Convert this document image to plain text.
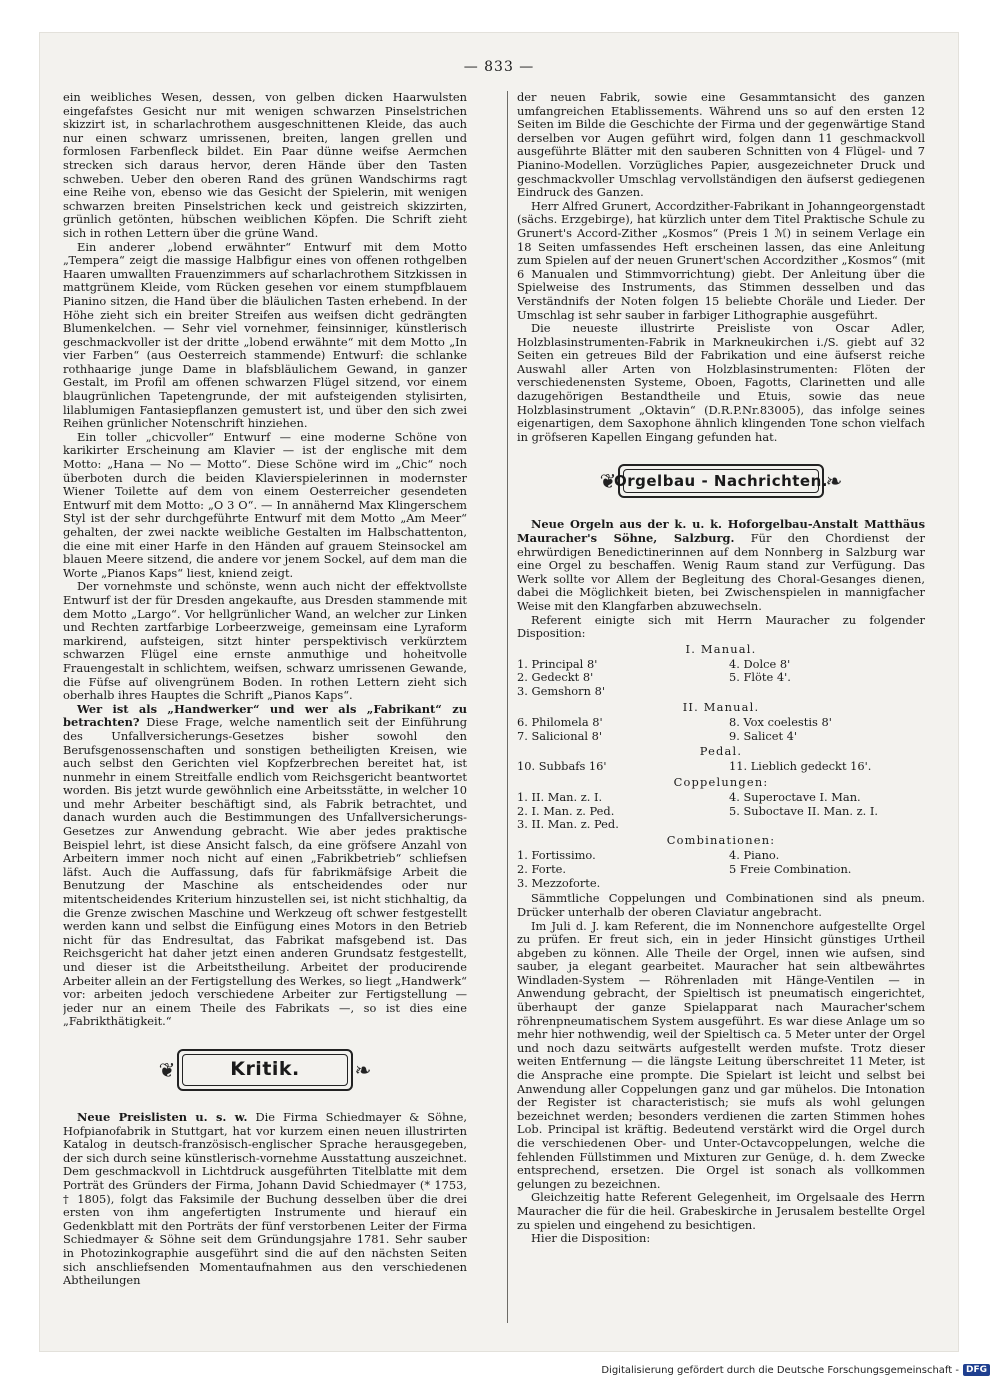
— 833 —

ein weibliches Wesen, dessen, von gelben dicken Haarwulsten eingefafstes Gesicht nur mit wenigen schwarzen Pinselstrichen skizzirt ist, in scharlachrothem ausgeschnittenen Kleide, das auch nur einen schwarz umrissenen, breiten, langen grellen und formlosen Farbenfleck bildet. Ein Paar dünne weifse Aermchen strecken sich daraus hervor, deren Hände über den Tasten schweben. Ueber den oberen Rand des grünen Wandschirms ragt eine Reihe von, ebenso wie das Gesicht der Spielerin, mit wenigen schwarzen breiten Pinselstrichen keck und geistreich skizzirten, grünlich getönten, hübschen weiblichen Köpfen. Die Schrift zieht sich in rothen Lettern über die grüne Wand.

Ein anderer „lobend erwähnter“ Entwurf mit dem Motto „Tempera“ zeigt die massige Halbfigur eines von offenen rothgelben Haaren umwallten Frauenzimmers auf scharlachrothem Sitzkissen in mattgrünem Kleide, vom Rücken gesehen vor einem stumpfblauem Pianino sitzen, die Hand über die bläulichen Tasten erhebend. In der Höhe zieht sich ein breiter Streifen aus weifsen dicht gedrängten Blumenkelchen. — Sehr viel vornehmer, feinsinniger, künstlerisch geschmackvoller ist der dritte „lobend erwähnte“ mit dem Motto „In vier Farben“ (aus Oesterreich stammende) Entwurf: die schlanke rothhaarige junge Dame in blafsbläulichem Gewand, in ganzer Gestalt, im Profil am offenen schwarzen Flügel sitzend, vor einem blaugrünlichen Tapetengrunde, der mit aufsteigenden stylisirten, lilablumigen Fantasiepflanzen gemustert ist, und über den sich zwei Reihen grünlicher Notenschrift hinziehen.

Ein toller „chicvoller“ Entwurf — eine moderne Schöne von karikirter Erscheinung am Klavier — ist der englische mit dem Motto: „Hana — No — Motto“. Diese Schöne wird im „Chic“ noch überboten durch die beiden Klavierspielerinnen in modernster Wiener Toilette auf dem von einem Oesterreicher gesendeten Entwurf mit dem Motto: „O 3 O“. — In annähernd Max Klingerschem Styl ist der sehr durchgeführte Entwurf mit dem Motto „Am Meer“ gehalten, der zwei nackte weibliche Gestalten im Halbschattenton, die eine mit einer Harfe in den Händen auf grauem Steinsockel am blauen Meere sitzend, die andere vor jenem Sockel, auf dem man die Worte „Pianos Kaps“ liest, kniend zeigt.

Der vornehmste und schönste, wenn auch nicht der effektvollste Entwurf ist der für Dresden angekaufte, aus Dresden stammende mit dem Motto „Largo“. Vor hellgrünlicher Wand, an welcher zur Linken und Rechten zartfarbige Lorbeerzweige, gemeinsam eine Lyraform markirend, aufsteigen, sitzt hinter perspektivisch verkürztem schwarzen Flügel eine ernste anmuthige und hoheitvolle Frauengestalt in schlichtem, weifsen, schwarz umrissenen Gewande, die Füfse auf olivengrünem Boden. In rothen Lettern zieht sich oberhalb ihres Hauptes die Schrift „Pianos Kaps“.

Wer ist als „Handwerker“ und wer als „Fabrikant“ zu betrachten? Diese Frage, welche namentlich seit der Einführung des Unfallversicherungs-Gesetzes bisher sowohl den Berufsgenossenschaften und sonstigen betheiligten Kreisen, wie auch selbst den Gerichten viel Kopfzerbrechen bereitet hat, ist nunmehr in einem Streitfalle endlich vom Reichsgericht beantwortet worden. Bis jetzt wurde gewöhnlich eine Arbeitsstätte, in welcher 10 und mehr Arbeiter beschäftigt sind, als Fabrik betrachtet, und danach wurden auch die Bestimmungen des Unfallversicherungs-Gesetzes zur Anwendung gebracht. Wie aber jedes praktische Beispiel lehrt, ist diese Ansicht falsch, da eine gröfsere Anzahl von Arbeitern immer noch nicht auf einen „Fabrikbetrieb“ schliefsen läfst. Auch die Auffassung, dafs für fabrikmäfsige Arbeit die Benutzung der Maschine als entscheidendes oder nur mitentscheidendes Kriterium hinzustellen sei, ist nicht stichhaltig, da die Grenze zwischen Maschine und Werkzeug oft schwer festgestellt werden kann und selbst die Einfügung eines Motors in den Betrieb nicht für das Endresultat, das Fabrikat mafsgebend ist. Das Reichsgericht hat daher jetzt einen anderen Grundsatz festgestellt, und dieser ist die Arbeitstheilung. Arbeitet der producirende Arbeiter allein an der Fertigstellung des Werkes, so liegt „Handwerk“ vor: arbeiten jedoch verschiedene Arbeiter zur Fertigstellung — jeder nur an einem Theile des Fabrikats —, so ist dies eine „Fabrikthätigkeit.“

❦	Kritik.	❧

Neue Preislisten u. s. w. Die Firma Schiedmayer & Söhne, Hofpianofabrik in Stuttgart, hat vor kurzem einen neuen illustrirten Katalog in deutsch-französisch-englischer Sprache herausgegeben, der sich durch seine künstlerisch-vornehme Ausstattung auszeichnet. Dem geschmackvoll in Lichtdruck ausgeführten Titelblatte mit dem Porträt des Gründers der Firma, Johann David Schiedmayer (* 1753, † 1805), folgt das Faksimile der Buchung desselben über die drei ersten von ihm angefertigten Instrumente und hierauf ein Gedenkblatt mit den Porträts der fünf verstorbenen Leiter der Firma Schiedmayer & Söhne seit dem Gründungsjahre 1781. Sehr sauber in Photozinkographie ausgeführt sind die auf den nächsten Seiten sich anschliefsenden Momentaufnahmen aus den verschiedenen Abtheilungen

der neuen Fabrik, sowie eine Gesammtansicht des ganzen umfangreichen Etablissements. Während uns so auf den ersten 12 Seiten im Bilde die Geschichte der Firma und der gegenwärtige Stand derselben vor Augen geführt wird, folgen dann 11 geschmackvoll ausgeführte Blätter mit den sauberen Schnitten von 4 Flügel- und 7 Pianino-Modellen. Vorzügliches Papier, ausgezeichneter Druck und geschmackvoller Umschlag vervollständigen den äufserst gediegenen Eindruck des Ganzen.

Herr Alfred Grunert, Accordzither-Fabrikant in Johanngeorgenstadt (sächs. Erzgebirge), hat kürzlich unter dem Titel Praktische Schule zu Grunert's Accord-Zither „Kosmos“ (Preis 1 ℳ) in seinem Verlage ein 18 Seiten umfassendes Heft erscheinen lassen, das eine Anleitung zum Spielen auf der neuen Grunert'schen Accordzither „Kosmos“ (mit 6 Manualen und Stimmvorrichtung) giebt. Der Anleitung über die Spielweise des Instruments, das Stimmen desselben und das Verständnifs der Noten folgen 15 beliebte Choräle und Lieder. Der Umschlag ist sehr sauber in farbiger Lithographie ausgeführt.

Die neueste illustrirte Preisliste von Oscar Adler, Holzblasinstrumenten-Fabrik in Markneukirchen i./S. giebt auf 32 Seiten ein getreues Bild der Fabrikation und eine äufserst reiche Auswahl aller Arten von Holzblasinstrumenten: Flöten der verschiedenensten Systeme, Oboen, Fagotts, Clarinetten und alle dazugehörigen Bestandtheile und Etuis, sowie das neue Holzblasinstrument „Oktavin“ (D.R.P.Nr.83005), das infolge seines eigenartigen, dem Saxophone ähnlich klingenden Tone schon vielfach in gröfseren Kapellen Eingang gefunden hat.

❦
Orgelbau - Nachrichten.
❧

Neue Orgeln aus der k. u. k. Hoforgelbau-Anstalt Matthäus Mauracher's Söhne, Salzburg. Für den Chordienst der ehrwürdigen Benedictinerinnen auf dem Nonnberg in Salzburg war eine Orgel zu beschaffen. Wenig Raum stand zur Verfügung. Das Werk sollte vor Allem der Begleitung des Choral-Gesanges dienen, dabei die Möglichkeit bieten, bei Zwischenspielen in mannigfacher Weise mit den Klangfarben abzuwechseln.

Referent einigte sich mit Herrn Mauracher zu folgender Disposition:

I. Manual.
1. Principal 8'	4. Dolce 8'
2. Gedeckt 8'	5. Flöte 4'.
3. Gemshorn 8'
II. Manual.
6. Philomela 8'	8. Vox coelestis 8'
7. Salicional 8'	9. Salicet 4'
Pedal.
10. Subbafs 16'	11. Lieblich gedeckt 16'.
Coppelungen:
1. II. Man. z. I.	4. Superoctave I. Man.
2. I. Man. z. Ped.	5. Suboctave II. Man. z. I.
3. II. Man. z. Ped.
Combinationen:
1. Fortissimo.	4. Piano.
2. Forte.	5 Freie Combination.
3. Mezzoforte.

Sämmtliche Coppelungen und Combinationen sind als pneum. Drücker unterhalb der oberen Claviatur angebracht.

Im Juli d. J. kam Referent, die im Nonnenchore aufgestellte Orgel zu prüfen. Er freut sich, ein in jeder Hinsicht günstiges Urtheil abgeben zu können. Alle Theile der Orgel, innen wie aufsen, sind sauber, ja elegant gearbeitet. Mauracher hat sein altbewährtes Windladen-System — Röhrenladen mit Hänge-Ventilen — in Anwendung gebracht, der Spieltisch ist pneumatisch eingerichtet, überhaupt der ganze Spielapparat nach Mauracher'schem röhrenpneumatischem System ausgeführt. Es war diese Anlage um so mehr hier nothwendig, weil der Spieltisch ca. 5 Meter unter der Orgel und noch dazu seitwärts aufgestellt werden mufste. Trotz dieser weiten Entfernung — die längste Leitung überschreitet 11 Meter, ist die Ansprache eine prompte. Die Spielart ist leicht und selbst bei Anwendung aller Coppelungen ganz und gar mühelos. Die Intonation der Register ist characteristisch; sie mufs als wohl gelungen bezeichnet werden; besonders verdienen die zarten Stimmen hohes Lob. Principal ist kräftig. Bedeutend verstärkt wird die Orgel durch die verschiedenen Ober- und Unter-Octavcoppelungen, welche die fehlenden Füllstimmen und Mixturen zur Genüge, d. h. dem Zwecke entsprechend, ersetzen. Die Orgel ist sonach als vollkommen gelungen zu bezeichnen.

Gleichzeitig hatte Referent Gelegenheit, im Orgelsaale des Herrn Mauracher die für die heil. Grabeskirche in Jerusalem bestellte Orgel zu spielen und eingehend zu besichtigen.

Hier die Disposition:

Digitalisierung gefördert durch die Deutsche Forschungsgemeinschaft - DFG
